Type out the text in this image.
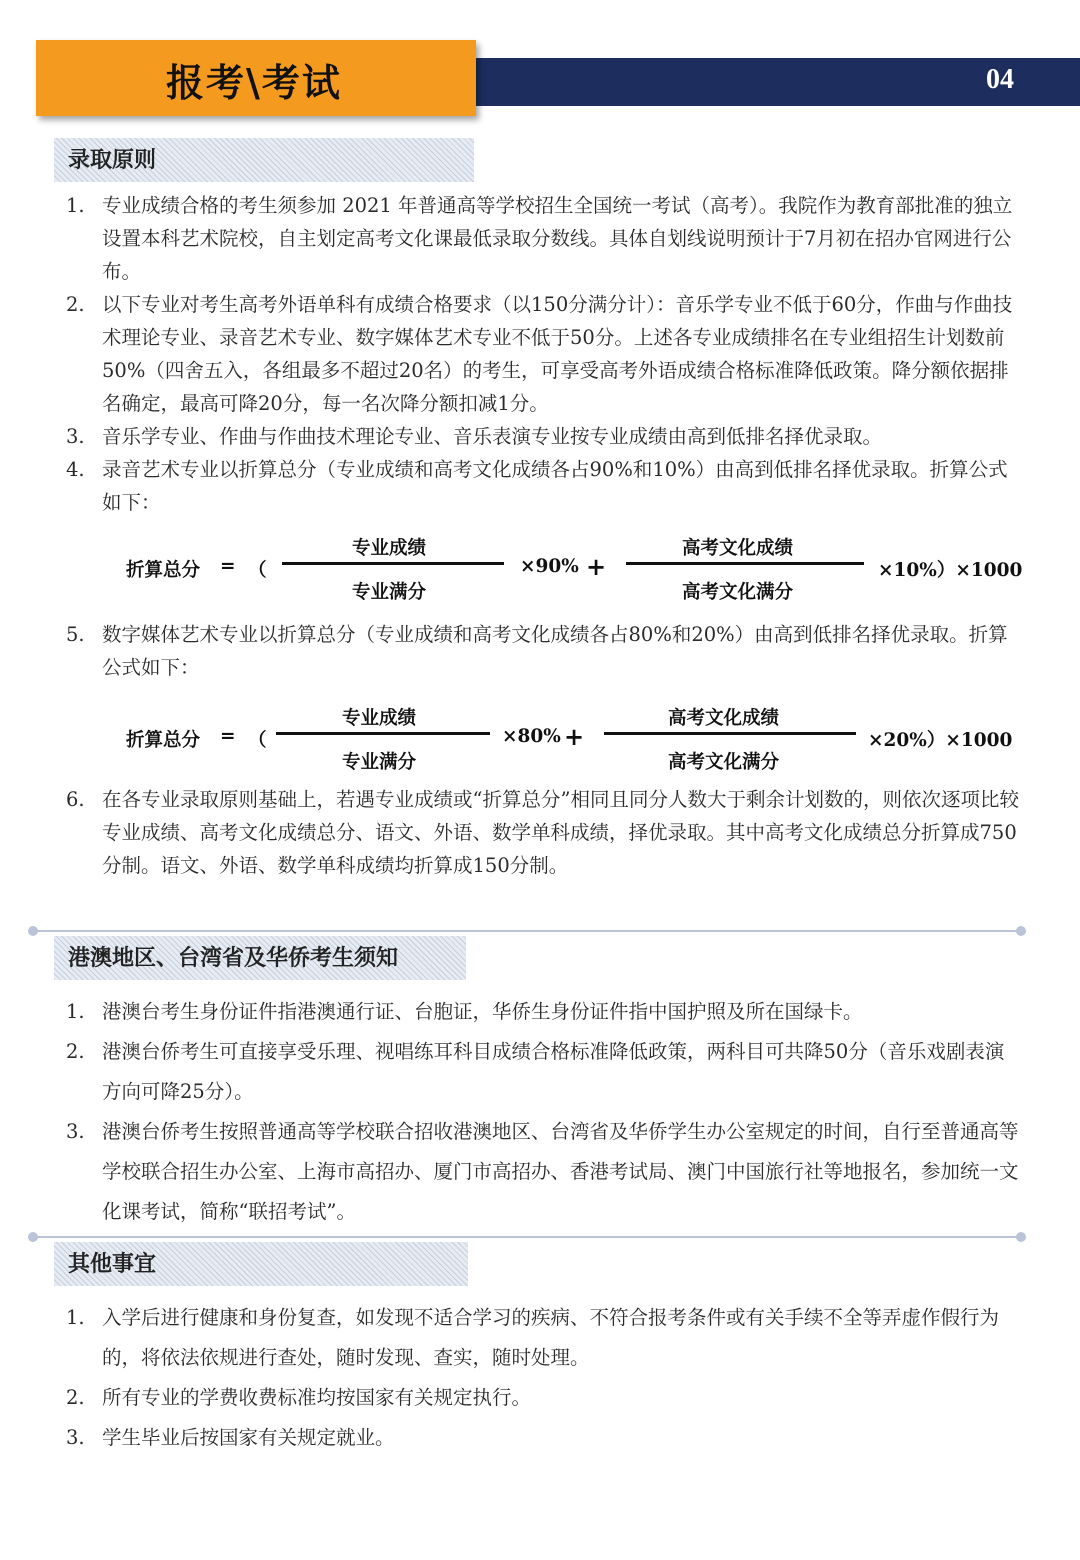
报考\考试	04
录取原则
1. 专业成绩合格的考生须参加 2021 年普通高等学校招生全国统一考试（高考）。我院作为教育部批准的独立设置本科艺术院校，自主划定高考文化课最低录取分数线。具体自划线说明预计于7月初在招办官网进行公布。
2. 以下专业对考生高考外语单科有成绩合格要求（以150分满分计）：音乐学专业不低于60分，作曲与作曲技术理论专业、录音艺术专业、数字媒体艺术专业不低于50分。上述各专业成绩排名在专业组招生计划数前50%（四舍五入，各组最多不超过20名）的考生，可享受高考外语成绩合格标准降低政策。降分额依据排名确定，最高可降20分，每一名次降分额扣减1分。
3. 音乐学专业、作曲与作曲技术理论专业、音乐表演专业按专业成绩由高到低排名择优录取。
4. 录音艺术专业以折算总分（专业成绩和高考文化成绩各占90%和10%）由高到低排名择优录取。折算公式如下：
折算总分 = （
专业成绩
专业满分
×90% +
高考文化成绩
高考文化满分
×10%）×1000
5. 数字媒体艺术专业以折算总分（专业成绩和高考文化成绩各占80%和20%）由高到低排名择优录取。折算公式如下：
折算总分 = （
专业成绩
专业满分
×80% +
高考文化成绩
高考文化满分
×20%）×1000
6. 在各专业录取原则基础上，若遇专业成绩或“折算总分”相同且同分人数大于剩余计划数的，则依次逐项比较专业成绩、高考文化成绩总分、语文、外语、数学单科成绩，择优录取。其中高考文化成绩总分折算成750分制。语文、外语、数学单科成绩均折算成150分制。
港澳地区、台湾省及华侨考生须知
1. 港澳台考生身份证件指港澳通行证、台胞证，华侨生身份证件指中国护照及所在国绿卡。
2. 港澳台侨考生可直接享受乐理、视唱练耳科目成绩合格标准降低政策，两科目可共降50分（音乐戏剧表演方向可降25分）。
3. 港澳台侨考生按照普通高等学校联合招收港澳地区、台湾省及华侨学生办公室规定的时间，自行至普通高等学校联合招生办公室、上海市高招办、厦门市高招办、香港考试局、澳门中国旅行社等地报名，参加统一文化课考试，简称“联招考试”。
其他事宜
1. 入学后进行健康和身份复查，如发现不适合学习的疾病、不符合报考条件或有关手续不全等弄虚作假行为的，将依法依规进行查处，随时发现、查实，随时处理。
2. 所有专业的学费收费标准均按国家有关规定执行。
3. 学生毕业后按国家有关规定就业。
